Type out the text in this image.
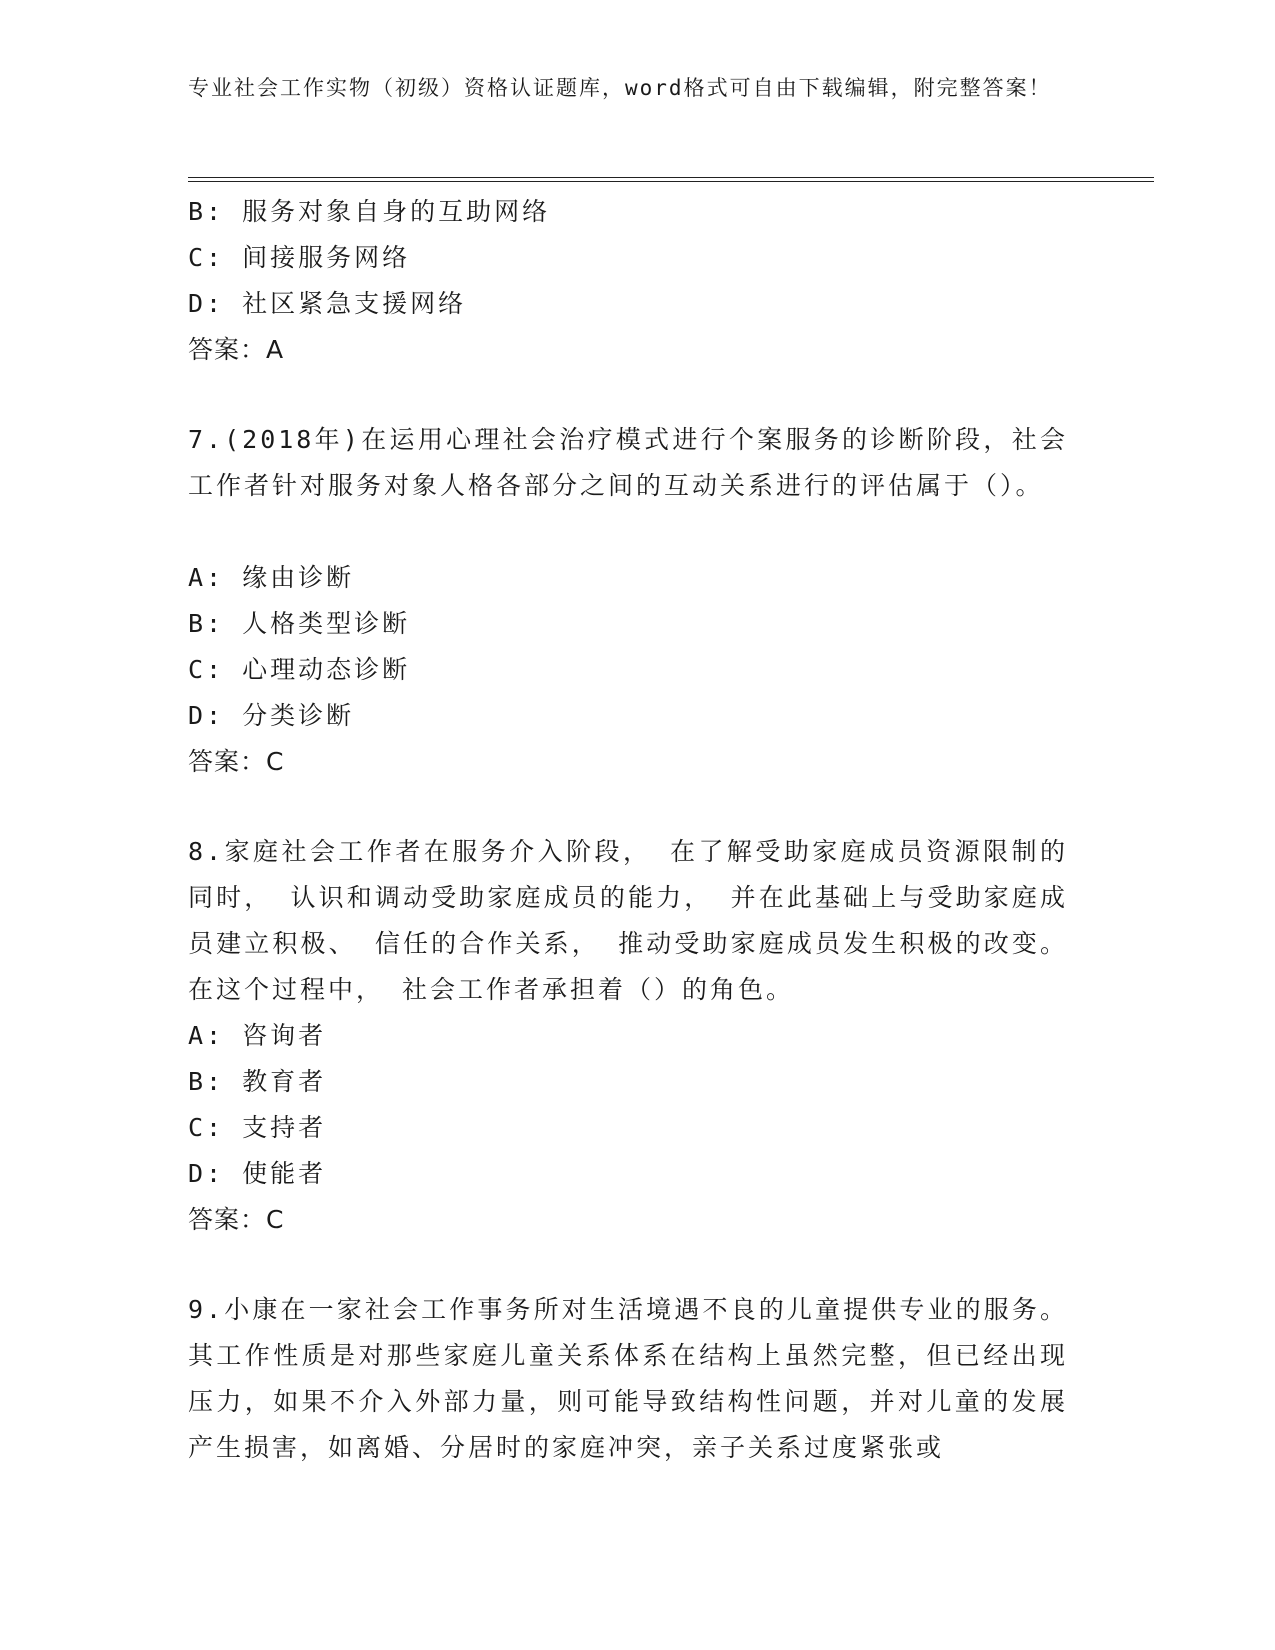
专业社会工作实物（初级）资格认证题库，word格式可自由下载编辑，附完整答案！
B: 服务对象自身的互助网络
C: 间接服务网络
D: 社区紧急支援网络
答案：A
7.(2018年)在运用心理社会治疗模式进行个案服务的诊断阶段，社会工作者针对服务对象人格各部分之间的互动关系进行的评估属于（）。
A: 缘由诊断
B: 人格类型诊断
C: 心理动态诊断
D: 分类诊断
答案：C
8.家庭社会工作者在服务介入阶段， 在了解受助家庭成员资源限制的同时， 认识和调动受助家庭成员的能力， 并在此基础上与受助家庭成员建立积极、 信任的合作关系， 推动受助家庭成员发生积极的改变。 在这个过程中， 社会工作者承担着（）的角色。
A: 咨询者
B: 教育者
C: 支持者
D: 使能者
答案：C
9.小康在一家社会工作事务所对生活境遇不良的儿童提供专业的服务。其工作性质是对那些家庭儿童关系体系在结构上虽然完整，但已经出现压力，如果不介入外部力量，则可能导致结构性问题，并对儿童的发展产生损害，如离婚、分居时的家庭冲突，亲子关系过度紧张或
